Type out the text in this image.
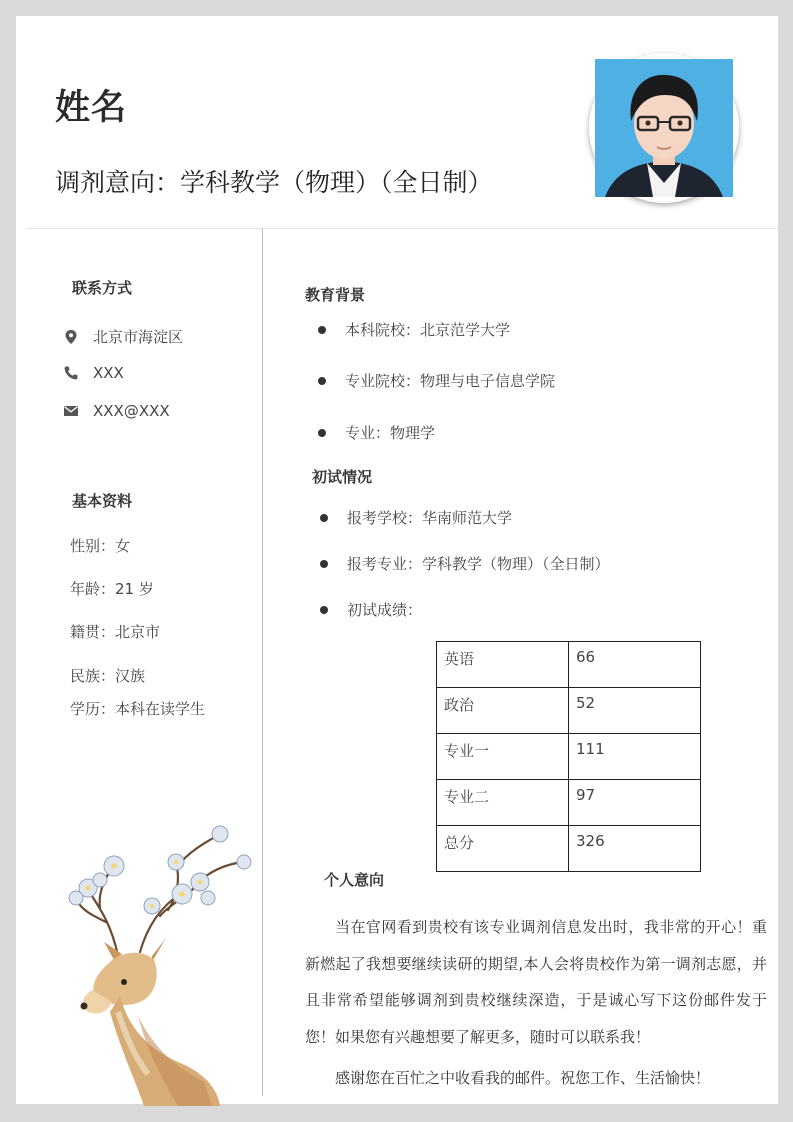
姓名
调剂意向：学科教学（物理）（全日制）
联系方式
北京市海淀区
XXX
XXX@XXX
基本资料
性别：女
年龄：21 岁
籍贯：北京市
民族：汉族
学历：本科在读学生
教育背景
本科院校：北京范学大学
专业院校：物理与电子信息学院
专业：物理学
初试情况
报考学校：华南师范大学
报考专业：学科教学（物理）（全日制）
初试成绩：
英语	66
政治	52
专业一	111
专业二	97
总分	326
个人意向
当在官网看到贵校有该专业调剂信息发出时，我非常的开心！重新燃起了我想要继续读研的期望,本人会将贵校作为第一调剂志愿，并且非常希望能够调剂到贵校继续深造，于是诚心写下这份邮件发于您！如果您有兴趣想要了解更多，随时可以联系我！
感谢您在百忙之中收看我的邮件。祝您工作、生活愉快！
